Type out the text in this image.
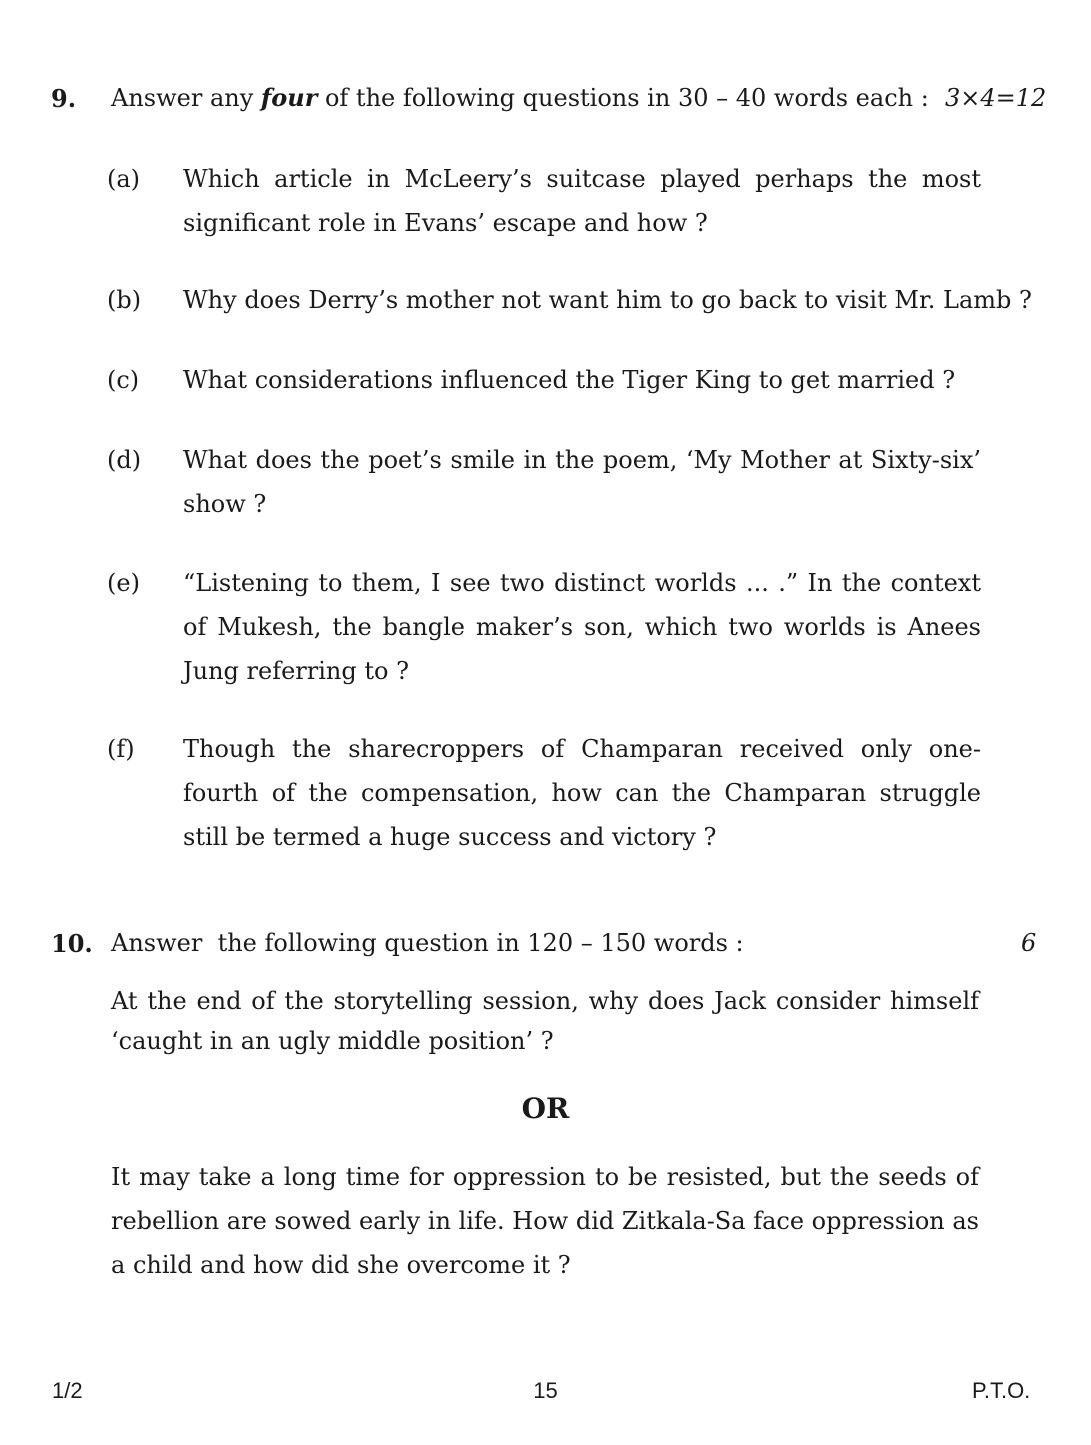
9. Answer any four of the following questions in 30 – 40 words each : 3×4=12
(a) Which article in McLeery’s suitcase played perhaps the most significant role in Evans’ escape and how ?
(b) Why does Derry’s mother not want him to go back to visit Mr. Lamb ?
(c) What considerations influenced the Tiger King to get married ?
(d) What does the poet’s smile in the poem, ‘My Mother at Sixty-six’ show ?
(e) “Listening to them, I see two distinct worlds ... .” In the context of Mukesh, the bangle maker’s son, which two worlds is Anees Jung referring to ?
(f) Though the sharecroppers of Champaran received only one-fourth of the compensation, how can the Champaran struggle still be termed a huge success and victory ?
10. Answer  the following question in 120 – 150 words :	6
At the end of the storytelling session, why does Jack consider himself ‘caught in an ugly middle position’ ?
OR
It may take a long time for oppression to be resisted, but the seeds of rebellion are sowed early in life. How did Zitkala-Sa face oppression as a child and how did she overcome it ?
1/2	15	P.T.O.
